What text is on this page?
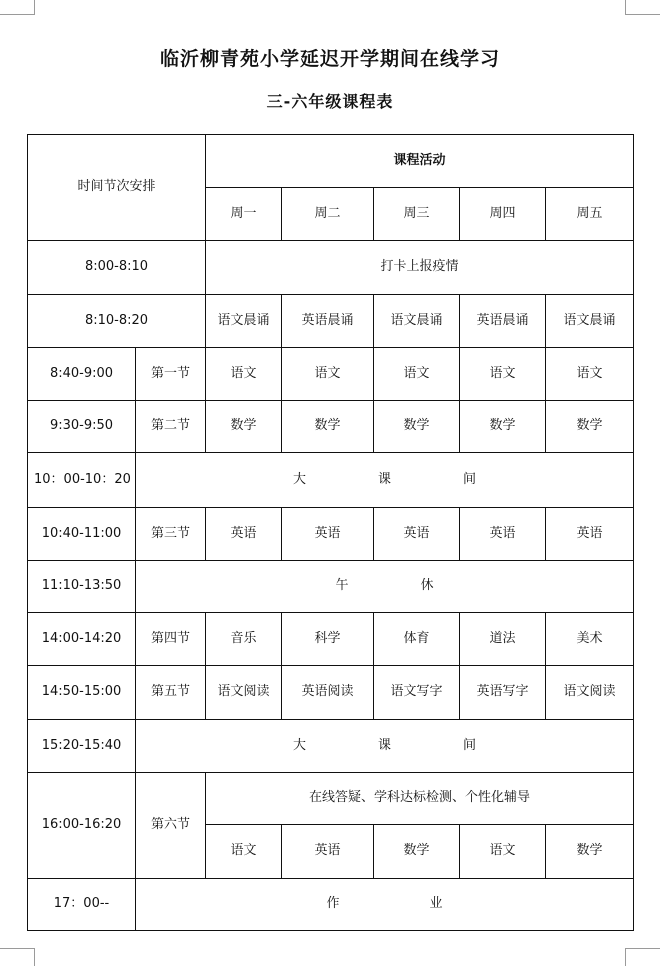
临沂柳青苑小学延迟开学期间在线学习
三-六年级课程表
时间节次安排		课程活动				
		周一	周二	周三	周四	周五
8:00-8:10		打卡上报疫情				
8:10-8:20		语文晨诵	英语晨诵	语文晨诵	英语晨诵	语文晨诵
8:40-9:00	第一节	语文	语文	语文	语文	语文
9:30-9:50	第二节	数学	数学	数学	数学	数学
10：00-10：20	大 课 间					
10:40-11:00	第三节	英语	英语	英语	英语	英语
11:10-13:50	午 休					
14:00-14:20	第四节	音乐	科学	体育	道法	美术
14:50-15:00	第五节	语文阅读	英语阅读	语文写字	英语写字	语文阅读
15:20-15:40	大 课 间					
16:00-16:20	第六节	在线答疑、学科达标检测、个性化辅导				
		语文	英语	数学	语文	数学
17：00--	作 业					
